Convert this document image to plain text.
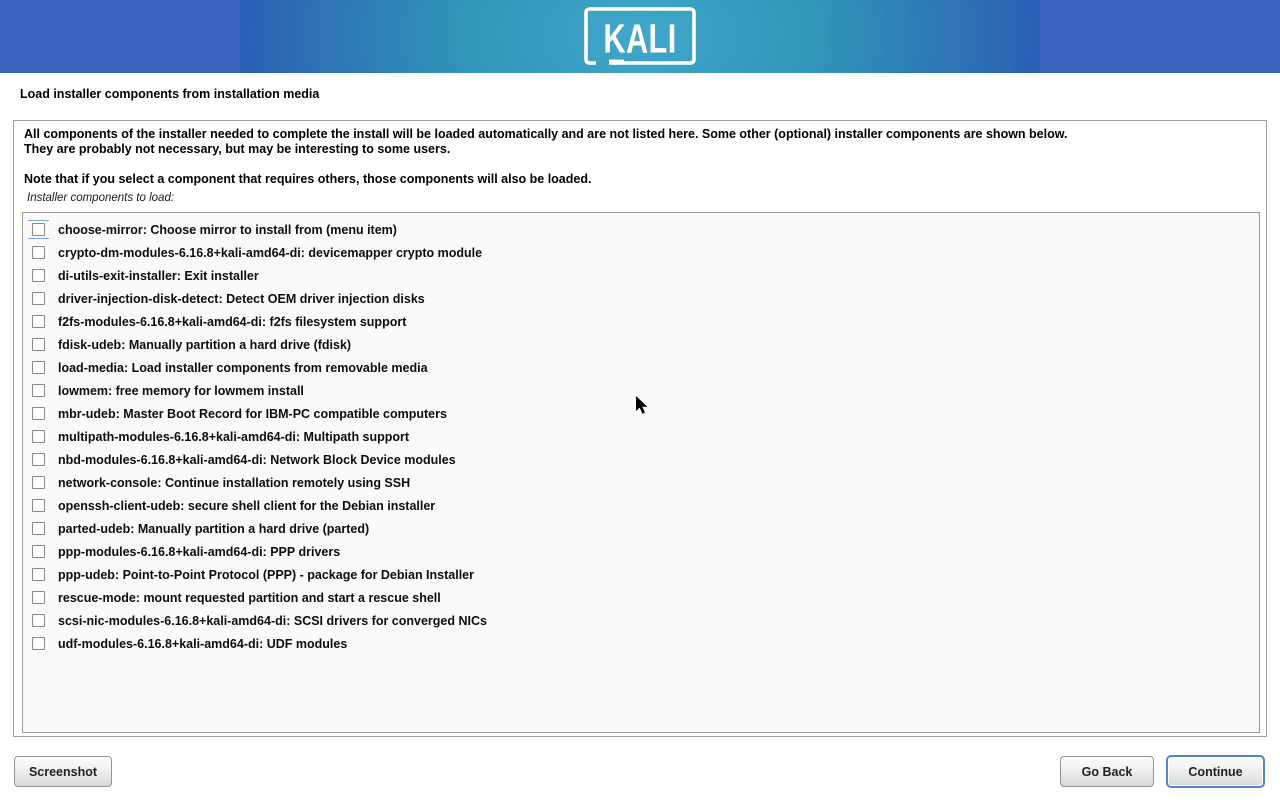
KALI
Load installer components from installation media
All components of the installer needed to complete the install will be loaded automatically and are not listed here. Some other (optional) installer components are shown below.
They are probably not necessary, but may be interesting to some users.
Note that if you select a component that requires others, those components will also be loaded.
Installer components to load:
choose-mirror: Choose mirror to install from (menu item)
crypto-dm-modules-6.16.8+kali-amd64-di: devicemapper crypto module
di-utils-exit-installer: Exit installer
driver-injection-disk-detect: Detect OEM driver injection disks
f2fs-modules-6.16.8+kali-amd64-di: f2fs filesystem support
fdisk-udeb: Manually partition a hard drive (fdisk)
load-media: Load installer components from removable media
lowmem: free memory for lowmem install
mbr-udeb: Master Boot Record for IBM-PC compatible computers
multipath-modules-6.16.8+kali-amd64-di: Multipath support
nbd-modules-6.16.8+kali-amd64-di: Network Block Device modules
network-console: Continue installation remotely using SSH
openssh-client-udeb: secure shell client for the Debian installer
parted-udeb: Manually partition a hard drive (parted)
ppp-modules-6.16.8+kali-amd64-di: PPP drivers
ppp-udeb: Point-to-Point Protocol (PPP) - package for Debian Installer
rescue-mode: mount requested partition and start a rescue shell
scsi-nic-modules-6.16.8+kali-amd64-di: SCSI drivers for converged NICs
udf-modules-6.16.8+kali-amd64-di: UDF modules
Screenshot	Go Back	Continue
